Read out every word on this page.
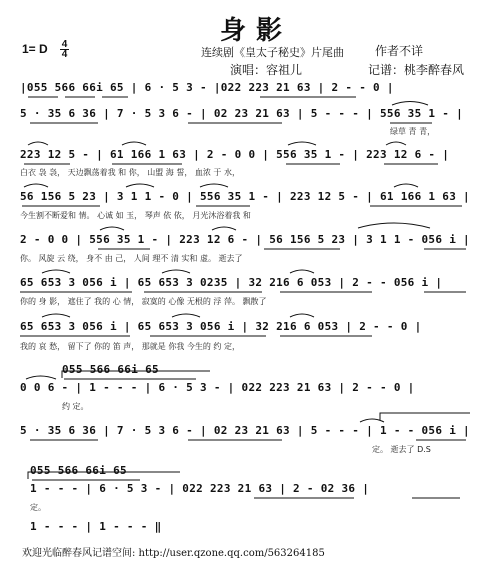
身影
连续剧《皇太子秘史》片尾曲	作者不详
演唱：容祖儿	记谱：桃李醉春风
1= D 4
4
|055 566 66i 65 | 6 · 5 3 - |022 223 21 63 | 2 - - 0 |
5 · 35 6 36 | 7 · 5 3 6 - | 02 23 21 63 | 5 - - - | 556 35 1 - |
绿草 青 青，
223 12 5 - | 61 166 1 63 | 2 - 0 0 | 556 35 1 - | 223 12 6 - |
白衣 袅 袅， 天边飘荡着我 和 你， 山盟 海 誓， 血浓 于 水，
56 156 5 23 | 3 1 1 - 0 | 556 35 1 - | 223 12 5 - | 61 166 1 63 |
今生割不断爱和 情。 心诚 如 玉， 琴声 依 依， 月光沐浴着我 和
2 - 0 0 | 556 35 1 - | 223 12 6 - | 56 156 5 23 | 3 1 1 - 056 i |
你。 风旋 云 绕， 身不 由 己， 人间 理不 清 实和 虚。 逝去了
65 653 3 056 i | 65 653 3 0235 | 32 216 6 053 | 2 - - 056 i |
你的 身 影， 遮住了 我的 心 情， 寂寞的 心像 无根的 浮 萍。 飘散了
65 653 3 056 i | 65 653 3 056 i | 32 216 6 053 | 2 - - 0 |
我的 哀 愁， 留下了 你的 笛 声， 那就是 你我 今生的 约 定，
055 566 66i 65
0 0 6 - | 1 - - - | 6 · 5 3 - | 022 223 21 63 | 2 - - 0 |
约 定。
5 · 35 6 36 | 7 · 5 3 6 - | 02 23 21 63 | 5 - - - | 1 - - 056 i |
定。 逝去了 D.S
055 566 66i 65
1 - - - | 6 · 5 3 - | 022 223 21 63 | 2 - 02 36 |
定。
1 - - - | 1 - - - ‖
欢迎光临醉春风记谱空间: http://user.qzone.qq.com/563264185
